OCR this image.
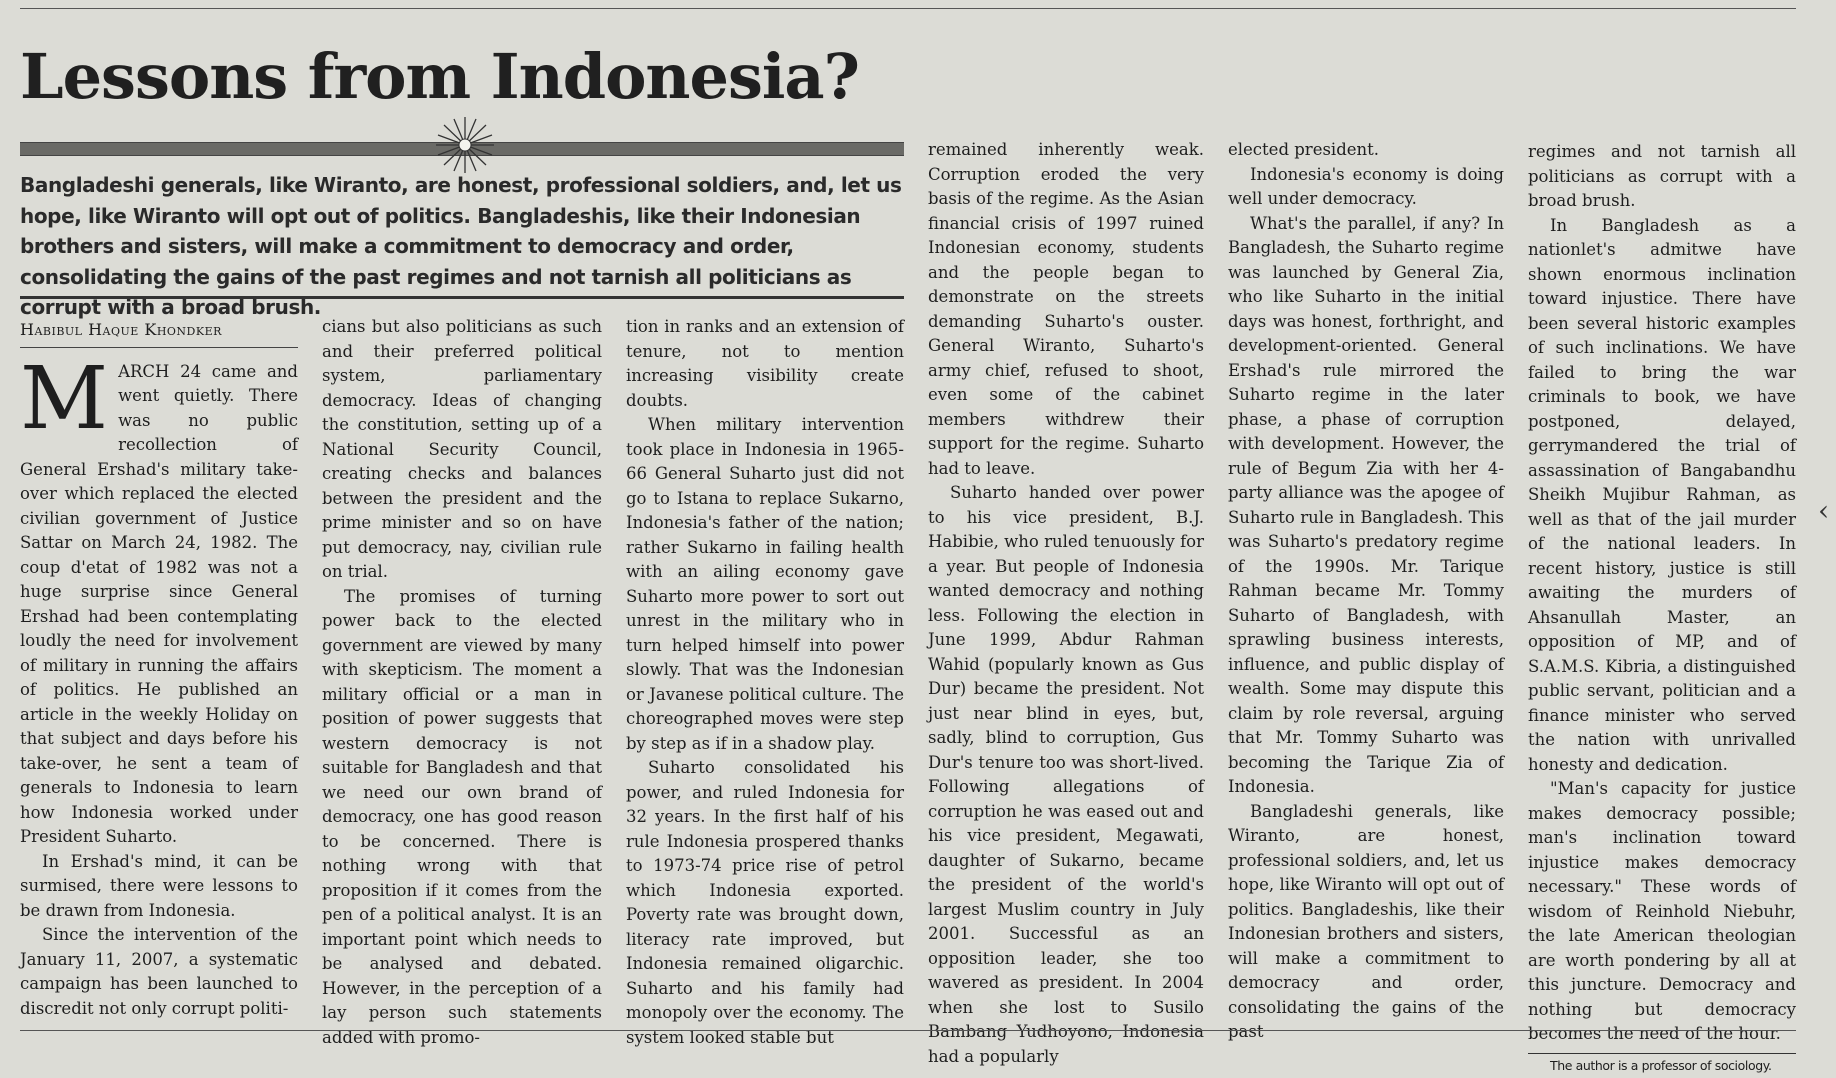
Lessons from Indonesia?

Bangladeshi generals, like Wiranto, are honest, professional soldiers, and, let us hope, like Wiranto will opt out of politics. Bangladeshis, like their Indonesian brothers and sisters, will make a commitment to democracy and order, consolidating the gains of the past regimes and not tarnish all politicians as corrupt with a broad brush.

Habibul Haque Khondker

MARCH 24 came and went quietly. There was no public recollection of General Ershad's military take-over which replaced the elected civilian government of Justice Sattar on March 24, 1982. The coup d'etat of 1982 was not a huge surprise since General Ershad had been contemplating loudly the need for involvement of military in running the affairs of politics. He published an article in the weekly Holiday on that subject and days before his take-over, he sent a team of generals to Indonesia to learn how Indonesia worked under President Suharto.

In Ershad's mind, it can be surmised, there were lessons to be drawn from Indonesia.

Since the intervention of the January 11, 2007, a systematic campaign has been launched to discredit not only corrupt politi-

cians but also politicians as such and their preferred political system, parliamentary democracy. Ideas of changing the constitution, setting up of a National Security Council, creating checks and balances between the president and the prime minister and so on have put democracy, nay, civilian rule on trial.

The promises of turning power back to the elected government are viewed by many with skepticism. The moment a military official or a man in position of power suggests that western democracy is not suitable for Bangladesh and that we need our own brand of democracy, one has good reason to be concerned. There is nothing wrong with that proposition if it comes from the pen of a political analyst. It is an important point which needs to be analysed and debated. However, in the perception of a lay person such statements added with promo-

tion in ranks and an extension of tenure, not to mention increasing visibility create doubts.

When military intervention took place in Indonesia in 1965-66 General Suharto just did not go to Istana to replace Sukarno, Indonesia's father of the nation; rather Sukarno in failing health with an ailing economy gave Suharto more power to sort out unrest in the military who in turn helped himself into power slowly. That was the Indonesian or Javanese political culture. The choreographed moves were step by step as if in a shadow play.

Suharto consolidated his power, and ruled Indonesia for 32 years. In the first half of his rule Indonesia prospered thanks to 1973-74 price rise of petrol which Indonesia exported. Poverty rate was brought down, literacy rate improved, but Indonesia remained oligarchic. Suharto and his family had monopoly over the economy. The system looked stable but

remained inherently weak. Corruption eroded the very basis of the regime. As the Asian financial crisis of 1997 ruined Indonesian economy, students and the people began to demonstrate on the streets demanding Suharto's ouster. General Wiranto, Suharto's army chief, refused to shoot, even some of the cabinet members withdrew their support for the regime. Suharto had to leave.

Suharto handed over power to his vice president, B.J. Habibie, who ruled tenuously for a year. But people of Indonesia wanted democracy and nothing less. Following the election in June 1999, Abdur Rahman Wahid (popularly known as Gus Dur) became the president. Not just near blind in eyes, but, sadly, blind to corruption, Gus Dur's tenure too was short-lived. Following allegations of corruption he was eased out and his vice president, Megawati, daughter of Sukarno, became the president of the world's largest Muslim country in July 2001. Successful as an opposition leader, she too wavered as president. In 2004 when she lost to Susilo Bambang Yudhoyono, Indonesia had a popularly

elected president.

Indonesia's economy is doing well under democracy.

What's the parallel, if any? In Bangladesh, the Suharto regime was launched by General Zia, who like Suharto in the initial days was honest, forthright, and development-oriented. General Ershad's rule mirrored the Suharto regime in the later phase, a phase of corruption with development. However, the rule of Begum Zia with her 4-party alliance was the apogee of Suharto rule in Bangladesh. This was Suharto's predatory regime of the 1990s. Mr. Tarique Rahman became Mr. Tommy Suharto of Bangladesh, with sprawling business interests, influence, and public display of wealth. Some may dispute this claim by role reversal, arguing that Mr. Tommy Suharto was becoming the Tarique Zia of Indonesia.

Bangladeshi generals, like Wiranto, are honest, professional soldiers, and, let us hope, like Wiranto will opt out of politics. Bangladeshis, like their Indonesian brothers and sisters, will make a commitment to democracy and order, consolidating the gains of the past

regimes and not tarnish all politicians as corrupt with a broad brush.

In Bangladesh as a nationlet's admitwe have shown enormous inclination toward injustice. There have been several historic examples of such inclinations. We have failed to bring the war criminals to book, we have postponed, delayed, gerrymandered the trial of assassination of Bangabandhu Sheikh Mujibur Rahman, as well as that of the jail murder of the national leaders. In recent history, justice is still awaiting the murders of Ahsanullah Master, an opposition of MP, and of S.A.M.S. Kibria, a distinguished public servant, politician and a finance minister who served the nation with unrivalled honesty and dedication.

"Man's capacity for justice makes democracy possible; man's inclination toward injustice makes democracy necessary." These words of wisdom of Reinhold Niebuhr, the late American theologian are worth pondering by all at this juncture. Democracy and nothing but democracy becomes the need of the hour.

The author is a professor of sociology.

‹
